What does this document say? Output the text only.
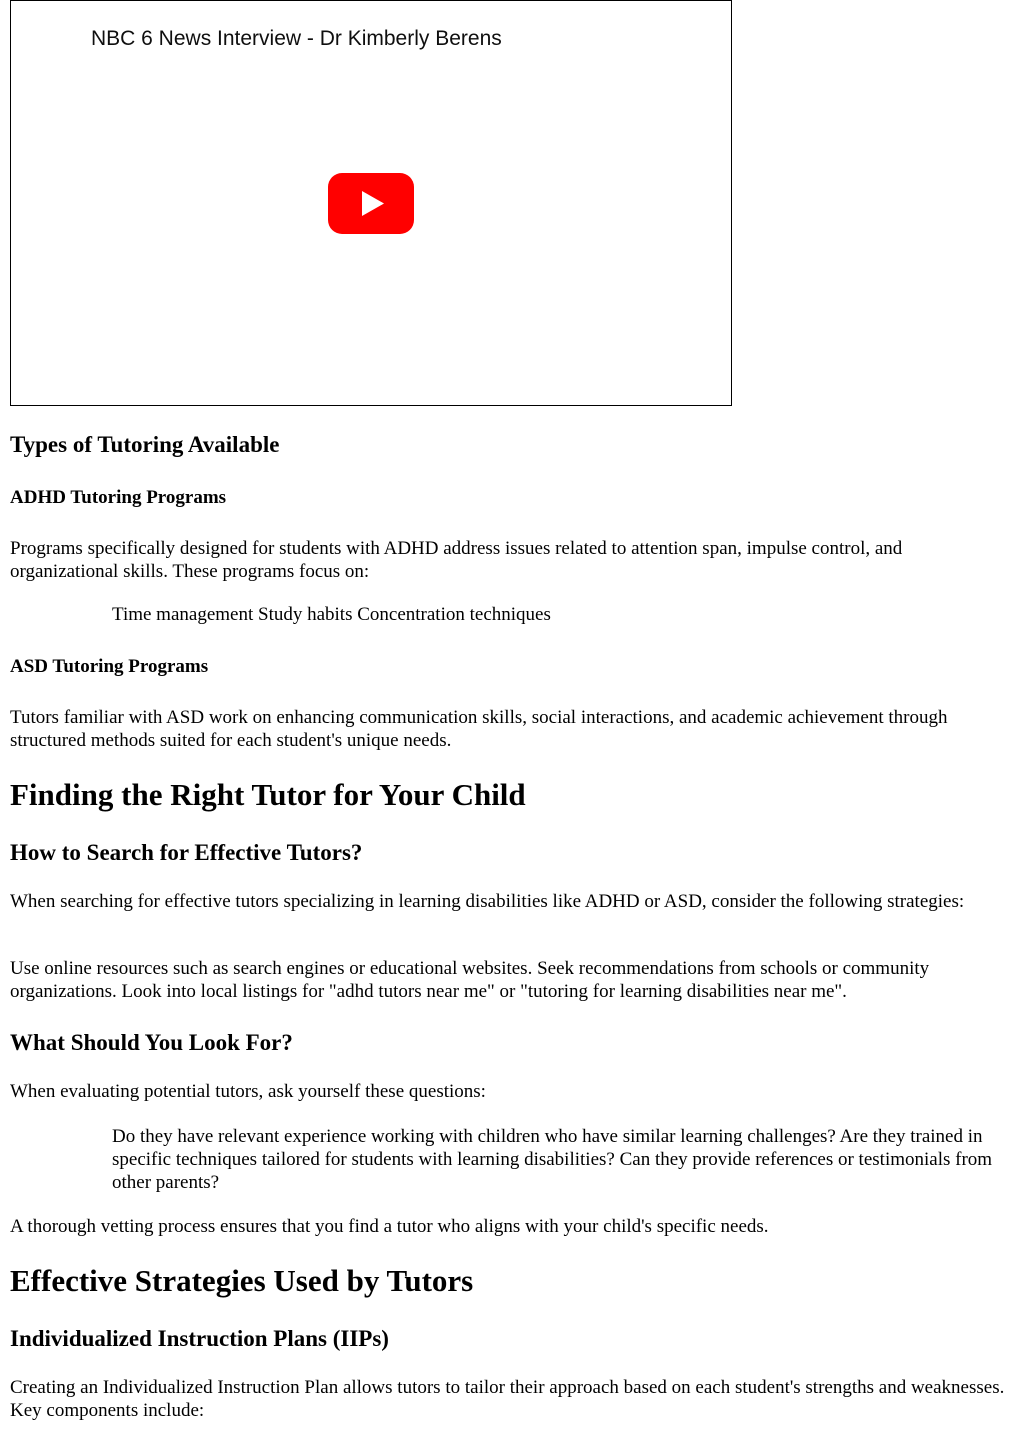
NBC 6 News Interview - Dr Kimberly Berens
Types of Tutoring Available
ADHD Tutoring Programs

Programs specifically designed for students with ADHD address issues related to attention span, impulse control, and organizational skills. These programs focus on:

Time management Study habits Concentration techniques

ASD Tutoring Programs

Tutors familiar with ASD work on enhancing communication skills, social interactions, and academic achievement through structured methods suited for each student's unique needs.

Finding the Right Tutor for Your Child
How to Search for Effective Tutors?

When searching for effective tutors specializing in learning disabilities like ADHD or ASD, consider the following strategies:

Use online resources such as search engines or educational websites. Seek recommendations from schools or community organizations. Look into local listings for "adhd tutors near me" or "tutoring for learning disabilities near me".

What Should You Look For?

When evaluating potential tutors, ask yourself these questions:

Do they have relevant experience working with children who have similar learning challenges? Are they trained in specific techniques tailored for students with learning disabilities? Can they provide references or testimonials from other parents?

A thorough vetting process ensures that you find a tutor who aligns with your child's specific needs.

Effective Strategies Used by Tutors
Individualized Instruction Plans (IIPs)

Creating an Individualized Instruction Plan allows tutors to tailor their approach based on each student's strengths and weaknesses. Key components include:
